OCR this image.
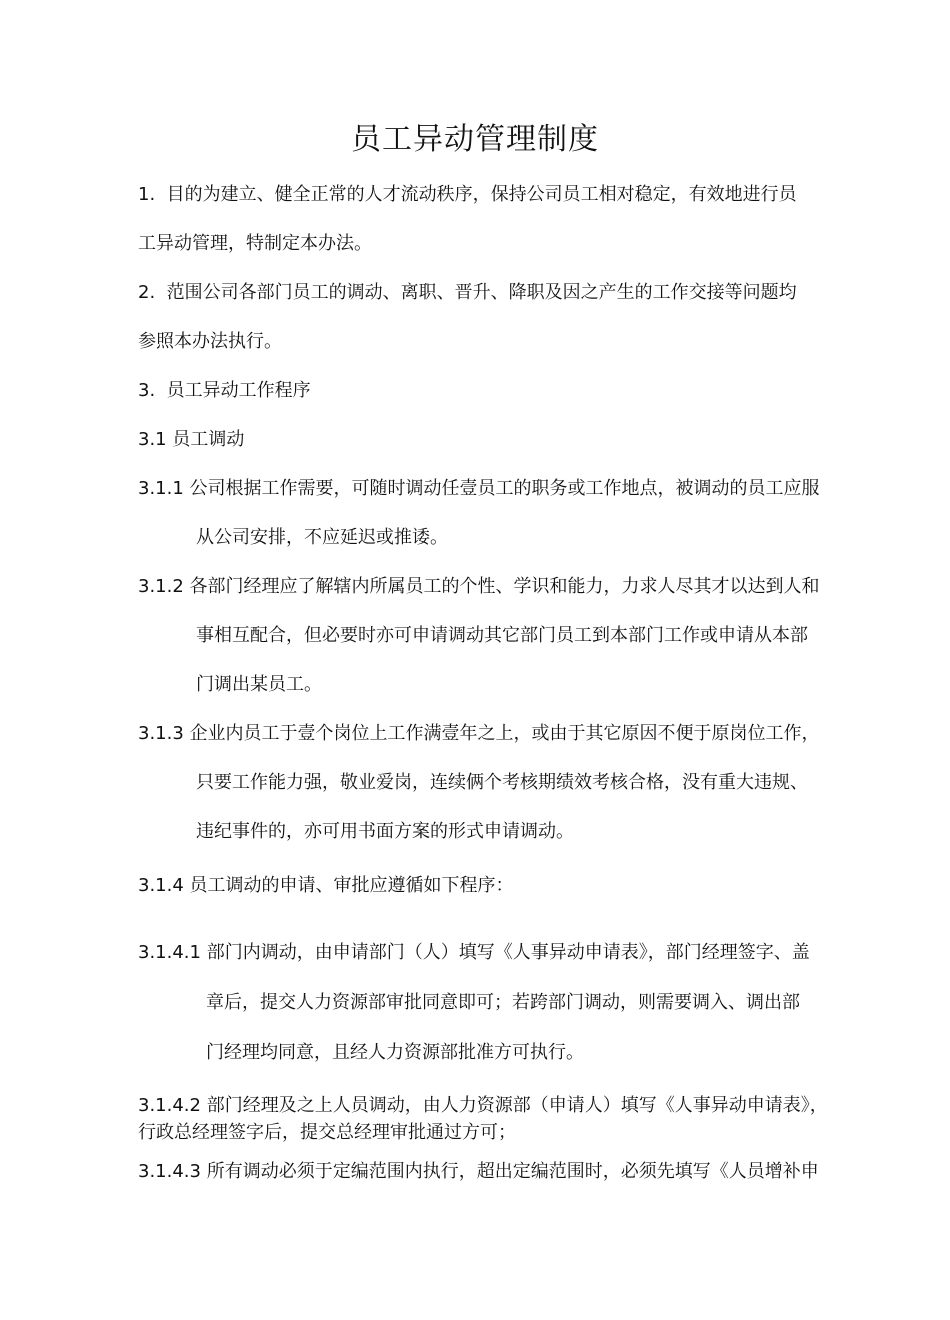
员工异动管理制度
1.  目的为建立、健全正常的人才流动秩序，保持公司员工相对稳定，有效地进行员
工异动管理，特制定本办法。
2.  范围公司各部门员工的调动、离职、晋升、降职及因之产生的工作交接等问题均
参照本办法执行。
3.  员工异动工作程序
3.1 员工调动
3.1.1 公司根据工作需要，可随时调动任壹员工的职务或工作地点，被调动的员工应服
从公司安排，不应延迟或推诿。
3.1.2 各部门经理应了解辖内所属员工的个性、学识和能力，力求人尽其才以达到人和
事相互配合，但必要时亦可申请调动其它部门员工到本部门工作或申请从本部
门调出某员工。
3.1.3 企业内员工于壹个岗位上工作满壹年之上，或由于其它原因不便于原岗位工作，
只要工作能力强，敬业爱岗，连续俩个考核期绩效考核合格，没有重大违规、
违纪事件的，亦可用书面方案的形式申请调动。
3.1.4 员工调动的申请、审批应遵循如下程序：
3.1.4.1 部门内调动，由申请部门（人）填写《人事异动申请表》，部门经理签字、盖
章后，提交人力资源部审批同意即可；若跨部门调动，则需要调入、调出部
门经理均同意，且经人力资源部批准方可执行。
3.1.4.2 部门经理及之上人员调动，由人力资源部（申请人）填写《人事异动申请表》，
行政总经理签字后，提交总经理审批通过方可；
3.1.4.3 所有调动必须于定编范围内执行，超出定编范围时，必须先填写《人员增补申
